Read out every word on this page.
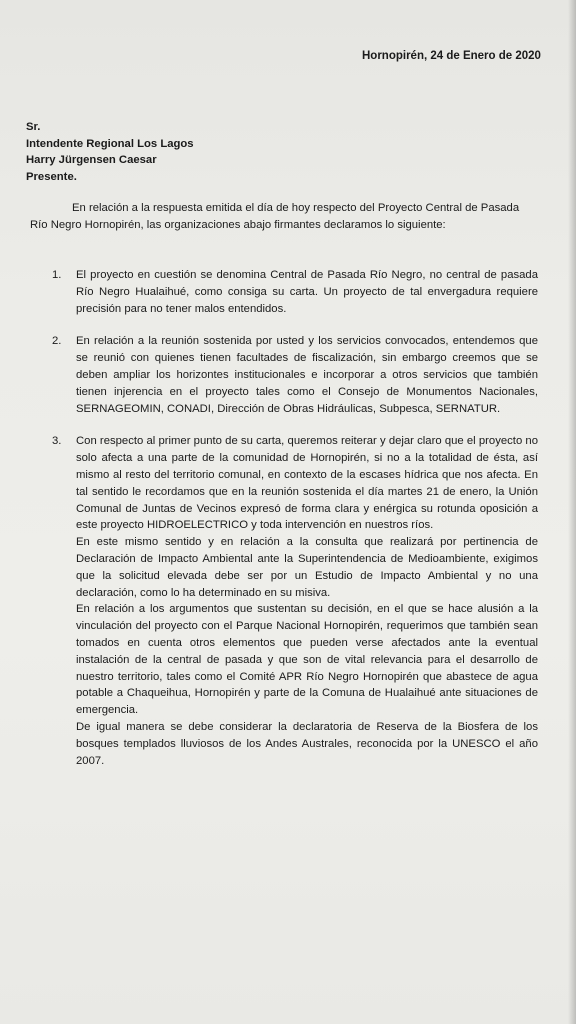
Hornopirén, 24 de Enero de 2020
Sr.
Intendente Regional Los Lagos
Harry Jürgensen Caesar
Presente.

En relación a la respuesta emitida el día de hoy respecto del Proyecto Central de Pasada Río Negro Hornopirén, las organizaciones abajo firmantes declaramos lo siguiente:

1. El proyecto en cuestión se denomina Central de Pasada Río Negro, no central de pasada Río Negro Hualaihué, como consiga su carta. Un proyecto de tal envergadura requiere precisión para no tener malos entendidos.

2. En relación a la reunión sostenida por usted y los servicios convocados, entendemos que se reunió con quienes tienen facultades de fiscalización, sin embargo creemos que se deben ampliar los horizontes institucionales e incorporar a otros servicios que también tienen injerencia en el proyecto tales como el Consejo de Monumentos Nacionales, SERNAGEOMIN, CONADI, Dirección de Obras Hidráulicas, Subpesca, SERNATUR.

3. Con respecto al primer punto de su carta, queremos reiterar y dejar claro que el proyecto no solo afecta a una parte de la comunidad de Hornopirén, si no a la totalidad de ésta, así mismo al resto del territorio comunal, en contexto de la escases hídrica que nos afecta. En tal sentido le recordamos que en la reunión sostenida el día martes 21 de enero, la Unión Comunal de Juntas de Vecinos expresó de forma clara y enérgica su rotunda oposición a este proyecto HIDROELECTRICO y toda intervención en nuestros ríos.

En este mismo sentido y en relación a la consulta que realizará por pertinencia de Declaración de Impacto Ambiental ante la Superintendencia de Medioambiente, exigimos que la solicitud elevada debe ser por un Estudio de Impacto Ambiental y no una declaración, como lo ha determinado en su misiva.

En relación a los argumentos que sustentan su decisión, en el que se hace alusión a la vinculación del proyecto con el Parque Nacional Hornopirén, requerimos que también sean tomados en cuenta otros elementos que pueden verse afectados ante la eventual instalación de la central de pasada y que son de vital relevancia para el desarrollo de nuestro territorio, tales como el Comité APR Río Negro Hornopirén que abastece de agua potable a Chaqueihua, Hornopirén y parte de la Comuna de Hualaihué ante situaciones de emergencia.

De igual manera se debe considerar la declaratoria de Reserva de la Biosfera de los bosques templados lluviosos de los Andes Australes, reconocida por la UNESCO el año 2007.
